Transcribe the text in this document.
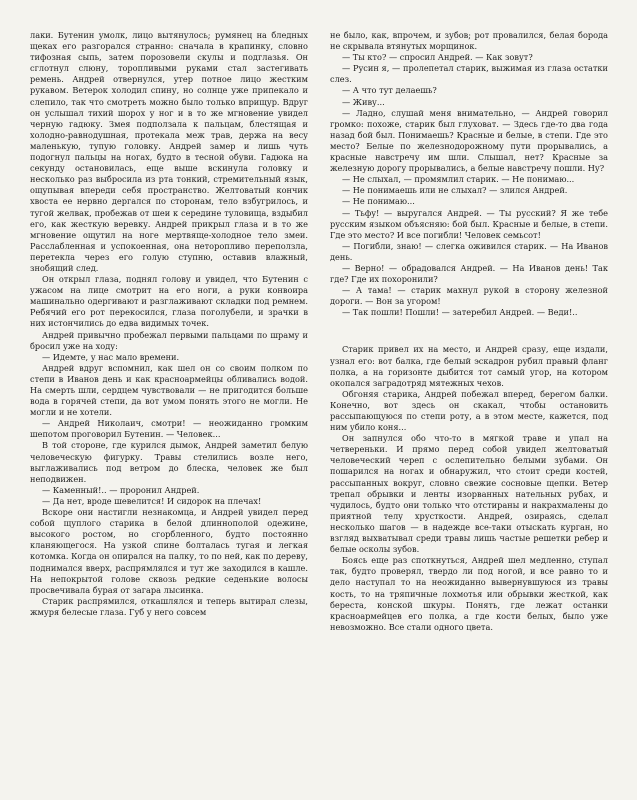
лаки. Бутенин умолк, лицо вытянулось; румянец на бледных щеках его разгорался странно: сначала в крапинку, словно тифозная сыпь, затем порозовели скулы и подглазья. Он сглотнул слюну, торопливыми руками стал застегивать ремень. Андрей отвернулся, утер потное лицо жестким рукавом. Ветерок холодил спину, но солнце уже припекало и слепило, так что смотреть можно было только вприщур. Вдруг он услышал тихий шорох у ног и в то же мгновение увидел черную гадюку. Змея подползала к пальцам, блестящая и холодно-равнодушная, протекала меж трав, держа на весу маленькую, тупую головку. Андрей замер и лишь чуть подогнул пальцы на ногах, будто в тесной обуви. Гадюка на секунду остановилась, еще выше вскинула головку и несколько раз выбросила из рта тонкий, стремительный язык, ощупывая впереди себя пространство. Желтоватый кончик хвоста ее нервно дергался по сторонам, тело взбугрилось, и тугой желвак, пробежав от шеи к середине туловища, вздыбил его, как жесткую веревку. Андрей прикрыл глаза и в то же мгновение ощутил на ноге мертвяще-холодное тело змеи. Расслабленная и успокоенная, она неторопливо переползла, перетекла через его голую ступню, оставив влажный, знобящий след.

Он открыл глаза, поднял голову и увидел, что Бутенин с ужасом на лице смотрит на его ноги, а руки конвоира машинально одергивают и разглаживают складки под ремнем. Ребячий его рот перекосился, глаза поголубели, и зрачки в них истончились до едва видимых точек.

Андрей привычно пробежал первыми пальцами по шраму и бросил уже на ходу:

— Идемте, у нас мало времени.

Андрей вдруг вспомнил, как шел он со своим полком по степи в Иванов день и как красноармейцы обливались водой. На смерть шли, сердцем чувствовали — не пригодится больше вода в горячей степи, да вот умом понять этого не могли. Не могли и не хотели.

— Андрей Николаич, смотри! — неожиданно громким шепотом проговорил Бутенин. — Человек...

В той стороне, где курился дымок, Андрей заметил белую человеческую фигурку. Травы стелились возле него, выглаживались под ветром до блеска, человек же был неподвижен.

— Каменный!.. — проронил Андрей.

— Да нет, вроде шевелится! И сидорок на плечах!

Вскоре они настигли незнакомца, и Андрей увидел перед собой щуплого старика в белой длиннополой одежине, высокого ростом, но сгорбленного, будто постоянно кланяющегося. На узкой спине болталась тугая и легкая котомка. Когда он опирался на палку, то по ней, как по дереву, поднимался вверх, распрямлялся и тут же заходился в кашле. На непокрытой голове сквозь редкие седенькие волосы просвечивала бурая от загара лысинка.

Старик распрямился, откашлялся и теперь вытирал слезы, жмуря белесые глаза. Губ у него совсем

не было, как, впрочем, и зубов; рот провалился, белая борода не скрывала втянутых морщинок.

— Ты кто? — спросил Андрей. — Как зовут?

— Русин я, — пролепетал старик, выжимая из глаза остатки слез.

— А что тут делаешь?

— Живу...

— Ладно, слушай меня внимательно, — Андрей говорил громко: похоже, старик был глуховат. — Здесь где-то два года назад бой был. Понимаешь? Красные и белые, в степи. Где это место? Белые по железнодорожному пути прорывались, а красные навстречу им шли. Слышал, нет? Красные за железную дорогу прорывались, а белые навстречу пошли. Ну?

— Не слыхал, — промямлил старик. — Не понимаю...

— Не понимаешь или не слыхал? — злился Андрей.

— Не понимаю...

— Тьфу! — выругался Андрей. — Ты русский? Я же тебе русским языком объясняю: бой был. Красные и белые, в степи. Где это место? И все погибли! Человек семьсот!

— Погибли, знаю! — слегка оживился старик. — На Иванов день.

— Верно! — обрадовался Андрей. — На Иванов день! Так где? Где их похоронили?

— А тама! — старик махнул рукой в сторону железной дороги. — Вон за угором!

— Так пошли! Пошли! — затеребил Андрей. — Веди!..

Старик привел их на место, и Андрей сразу, еще издали, узнал его: вот балка, где белый эскадрон рубил правый фланг полка, а на горизонте дыбится тот самый угор, на котором окопался заградотряд мятежных чехов.

Обгоняя старика, Андрей побежал вперед, берегом балки. Конечно, вот здесь он скакал, чтобы остановить рассыпающуюся по степи роту, а в этом месте, кажется, под ним убило коня...

Он запнулся обо что-то в мягкой траве и упал на четвереньки. И прямо перед собой увидел желтоватый человеческий череп с ослепительно белыми зубами. Он пошарился на ногах и обнаружил, что стоит среди костей, рассыпанных вокруг, словно свежие сосновые щепки. Ветер трепал обрывки и ленты изорванных нательных рубах, и чудилось, будто они только что отстираны и накрахмалены до приятной телу хрусткости. Андрей, озираясь, сделал несколько шагов — в надежде все-таки отыскать курган, но взгляд выхватывал среди травы лишь частые решетки ребер и белые осколы зубов.

Боясь еще раз споткнуться, Андрей шел медленно, ступал так, будто проверял, твердо ли под ногой, и все равно то и дело наступал то на неожиданно вывернувшуюся из травы кость, то на тряпичные лохмотья или обрывки жесткой, как береста, конской шкуры. Понять, где лежат останки красноармейцев его полка, а где кости белых, было уже невозможно. Все стали одного цвета.
